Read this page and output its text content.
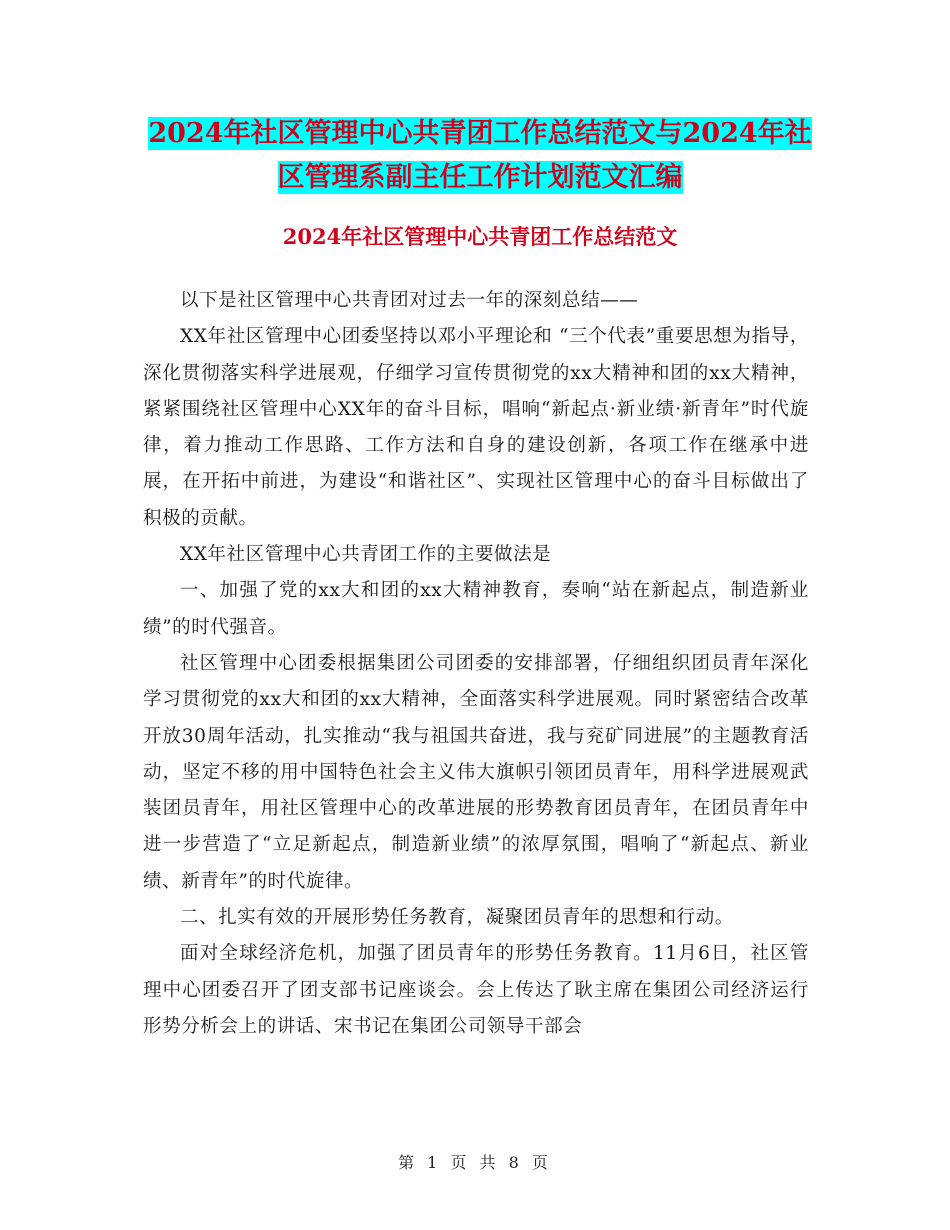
2024年社区管理中心共青团工作总结范文与2024年社区管理系副主任工作计划范文汇编
2024年社区管理中心共青团工作总结范文

以下是社区管理中心共青团对过去一年的深刻总结——

XX年社区管理中心团委坚持以邓小平理论和 “三个代表”重要思想为指导，深化贯彻落实科学进展观，仔细学习宣传贯彻党的xx大精神和团的xx大精神，紧紧围绕社区管理中心XX年的奋斗目标，唱响“新起点·新业绩·新青年”时代旋律，着力推动工作思路、工作方法和自身的建设创新，各项工作在继承中进展，在开拓中前进，为建设“和谐社区”、实现社区管理中心的奋斗目标做出了积极的贡献。

XX年社区管理中心共青团工作的主要做法是

一、加强了党的xx大和团的xx大精神教育，奏响“站在新起点，制造新业绩”的时代强音。

社区管理中心团委根据集团公司团委的安排部署，仔细组织团员青年深化学习贯彻党的xx大和团的xx大精神，全面落实科学进展观。同时紧密结合改革开放30周年活动，扎实推动“我与祖国共奋进，我与兖矿同进展”的主题教育活动，坚定不移的用中国特色社会主义伟大旗帜引领团员青年，用科学进展观武装团员青年，用社区管理中心的改革进展的形势教育团员青年，在团员青年中进一步营造了“立足新起点，制造新业绩”的浓厚氛围，唱响了“新起点、新业绩、新青年”的时代旋律。

二、扎实有效的开展形势任务教育，凝聚团员青年的思想和行动。

面对全球经济危机，加强了团员青年的形势任务教育。11月6日，社区管理中心团委召开了团支部书记座谈会。会上传达了耿主席在集团公司经济运行形势分析会上的讲话、宋书记在集团公司领导干部会

第 1 页 共 8 页
